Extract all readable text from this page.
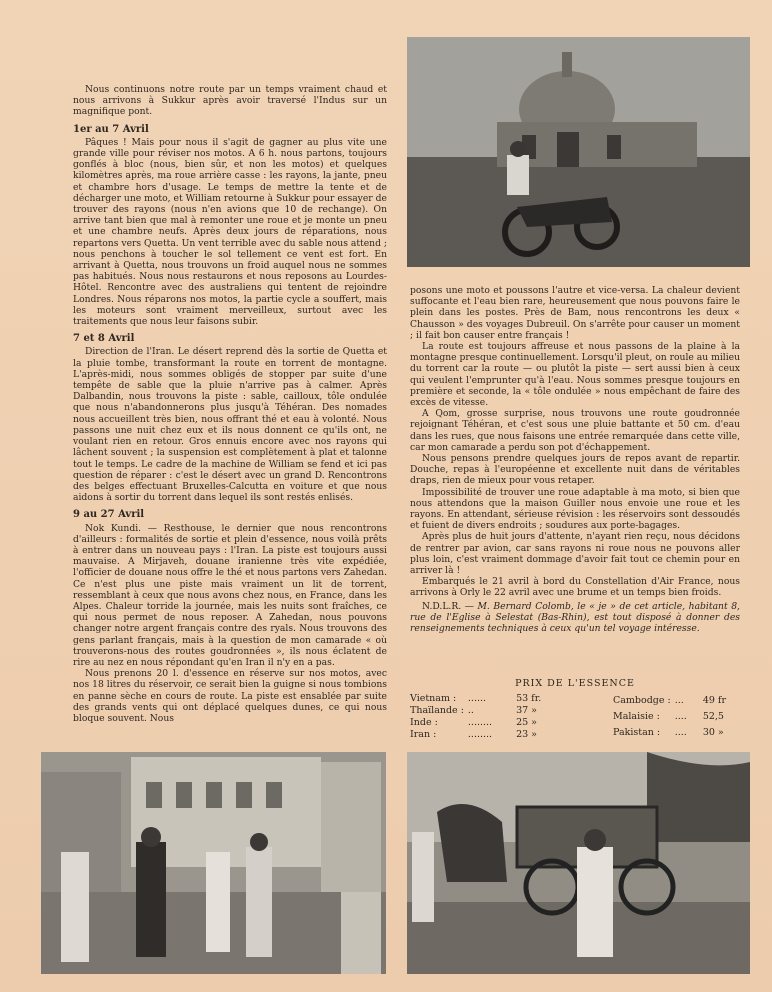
Nous continuons notre route par un temps vraiment chaud et nous arrivons à Sukkur après avoir traversé l'Indus sur un magnifique pont.

1er au 7 Avril

Pâques ! Mais pour nous il s'agit de gagner au plus vite une grande ville pour réviser nos motos. A 6 h. nous partons, toujours gonflés à bloc (nous, bien sûr, et non les motos) et quelques kilomètres après, ma roue arrière casse : les rayons, la jante, pneu et chambre hors d'usage. Le temps de mettre la tente et de décharger une moto, et William retourne à Sukkur pour essayer de trouver des rayons (nous n'en avions que 10 de rechange). On arrive tant bien que mal à remonter une roue et je monte un pneu et une chambre neufs. Après deux jours de réparations, nous repartons vers Quetta. Un vent terrible avec du sable nous attend ; nous penchons à toucher le sol tellement ce vent est fort. En arrivant à Quetta, nous trouvons un froid auquel nous ne sommes pas habitués. Nous nous restaurons et nous reposons au Lourdes-Hôtel. Rencontre avec des australiens qui tentent de rejoindre Londres. Nous réparons nos motos, la partie cycle a souffert, mais les moteurs sont vraiment merveilleux, surtout avec les traitements que nous leur faisons subir.

7 et 8 Avril

Direction de l'Iran. Le désert reprend dès la sortie de Quetta et la pluie tombe, transformant la route en torrent de montagne. L'après-midi, nous sommes obligés de stopper par suite d'une tempête de sable que la pluie n'arrive pas à calmer. Après Dalbandin, nous trouvons la piste : sable, cailloux, tôle ondulée que nous n'abandonnerons plus jusqu'à Téhéran. Des nomades nous accueillent très bien, nous offrant thé et eau à volonté. Nous passons une nuit chez eux et ils nous donnent ce qu'ils ont, ne voulant rien en retour. Gros ennuis encore avec nos rayons qui lâchent souvent ; la suspension est complètement à plat et talonne tout le temps. Le cadre de la machine de William se fend et ici pas question de réparer : c'est le désert avec un grand D. Rencontrons des belges effectuant Bruxelles-Calcutta en voiture et que nous aidons à sortir du torrent dans lequel ils sont restés enlisés.

9 au 27 Avril

Nok Kundi. — Resthouse, le dernier que nous rencontrons d'ailleurs : formalités de sortie et plein d'essence, nous voilà prêts à entrer dans un nouveau pays : l'Iran. La piste est toujours aussi mauvaise. A Mirjaveh, douane iranienne très vite expédiée, l'officier de douane nous offre le thé et nous partons vers Zahedan. Ce n'est plus une piste mais vraiment un lit de torrent, ressemblant à ceux que nous avons chez nous, en France, dans les Alpes. Chaleur torride la journée, mais les nuits sont fraîches, ce qui nous permet de nous reposer. A Zahedan, nous pouvons changer notre argent français contre des ryals. Nous trouvons des gens parlant français, mais à la question de mon camarade « où trouverons-nous des routes goudronnées », ils nous éclatent de rire au nez en nous répondant qu'en Iran il n'y en a pas.

Nous prenons 20 l. d'essence en réserve sur nos motos, avec nos 18 litres du réservoir, ce serait bien la guigne si nous tombions en panne sèche en cours de route. La piste est ensablée par suite des grands vents qui ont déplacé quelques dunes, ce qui nous bloque souvent. Nous

posons une moto et poussons l'autre et vice-versa. La chaleur devient suffocante et l'eau bien rare, heureusement que nous pouvons faire le plein dans les postes. Près de Bam, nous rencontrons les deux « Chausson » des voyages Dubreuil. On s'arrête pour causer un moment ; il fait bon causer entre français !

La route est toujours affreuse et nous passons de la plaine à la montagne presque continuellement. Lorsqu'il pleut, on roule au milieu du torrent car la route — ou plutôt la piste — sert aussi bien à ceux qui veulent l'emprunter qu'à l'eau. Nous sommes presque toujours en première et seconde, la « tôle ondulée » nous empêchant de faire des excès de vitesse.

A Qom, grosse surprise, nous trouvons une route goudronnée rejoignant Téhéran, et c'est sous une pluie battante et 50 cm. d'eau dans les rues, que nous faisons une entrée remarquée dans cette ville, car mon camarade a perdu son pot d'échappement.

Nous pensons prendre quelques jours de repos avant de repartir. Douche, repas à l'européenne et excellente nuit dans de véritables draps, rien de mieux pour vous retaper.

Impossibilité de trouver une roue adaptable à ma moto, si bien que nous attendons que la maison Guiller nous envoie une roue et les rayons. En attendant, sérieuse révision : les réservoirs sont dessoudés et fuient de divers endroits ; soudures aux porte-bagages.

Après plus de huit jours d'attente, n'ayant rien reçu, nous décidons de rentrer par avion, car sans rayons ni roue nous ne pouvons aller plus loin, c'est vraiment dommage d'avoir fait tout ce chemin pour en arriver là !

Embarqués le 21 avril à bord du Constellation d'Air France, nous arrivons à Orly le 22 avril avec une brume et un temps bien froids.

N.D.L.R. — M. Bernard Colomb, le « je » de cet article, habitant 8, rue de l'Eglise à Selestat (Bas-Rhin), est tout disposé à donner des renseignements techniques à ceux qu'un tel voyage intéresse.

PRIX DE L'ESSENCE
Vietnam :	......	53 fr.
Thaïlande :	..	37 »
Inde :	........	25 »
Iran :	........	23 »
Cambodge :	...	49 fr
Malaisie :	....	52,5
Pakistan :	....	30 »
